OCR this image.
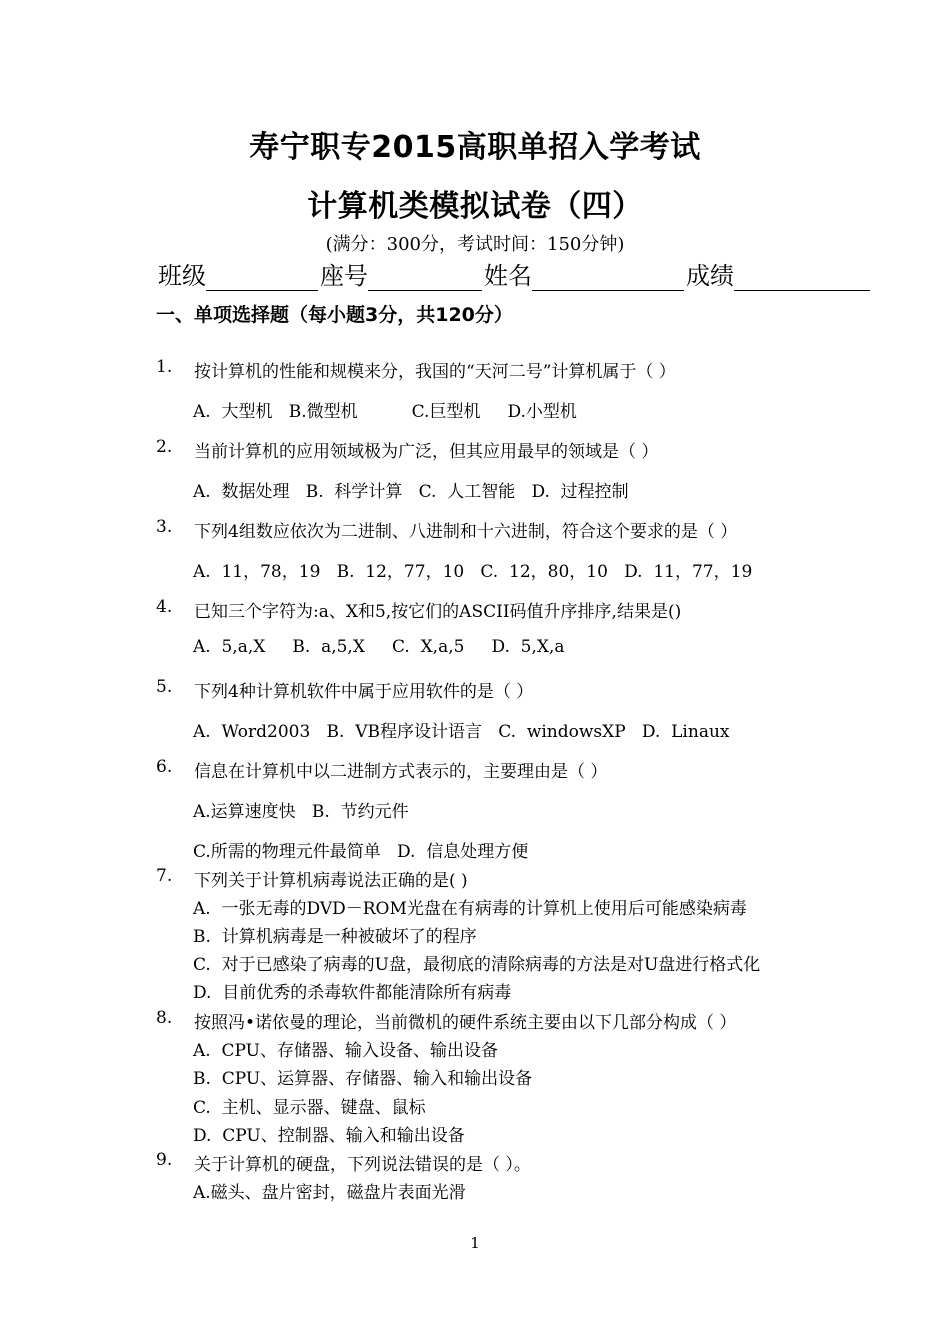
寿宁职专2015高职单招入学考试
计算机类模拟试卷（四）
(满分：300分，考试时间：150分钟)
班级	座号	姓名	成绩
一、单项选择题（每小题3分，共120分）
1. 按计算机的性能和规模来分，我国的“天河二号”计算机属于（ ）
A.  大型机   B.微型机          C.巨型机     D.小型机
2. 当前计算机的应用领域极为广泛，但其应用最早的领域是（ ）
A.  数据处理   B.  科学计算   C.  人工智能   D.  过程控制
3. 下列4组数应依次为二进制、八进制和十六进制，符合这个要求的是（ ）
A.  11，78，19   B.  12，77，10   C.  12，80，10   D.  11，77，19
4. 已知三个字符为:a、X和5,按它们的ASCII码值升序排序,结果是()
A.  5,a,X     B.  a,5,X     C.  X,a,5     D.  5,X,a
5. 下列4种计算机软件中属于应用软件的是（ ）
A.  Word2003   B.  VB程序设计语言   C.  windowsXP   D.  Linaux
6. 信息在计算机中以二进制方式表示的，主要理由是（ ）
A.运算速度快   B.  节约元件
C.所需的物理元件最简单   D.  信息处理方便
7. 下列关于计算机病毒说法正确的是( )
A.  一张无毒的DVD－ROM光盘在有病毒的计算机上使用后可能感染病毒
B.  计算机病毒是一种被破坏了的程序
C.  对于已感染了病毒的U盘，最彻底的清除病毒的方法是对U盘进行格式化
D.  目前优秀的杀毒软件都能清除所有病毒
8. 按照冯•诺依曼的理论，当前微机的硬件系统主要由以下几部分构成（ ）
A.  CPU、存储器、输入设备、输出设备
B.  CPU、运算器、存储器、输入和输出设备
C.  主机、显示器、键盘、鼠标
D.  CPU、控制器、输入和输出设备
9. 关于计算机的硬盘，下列说法错误的是（ ）。
A.磁头、盘片密封，磁盘片表面光滑
1
